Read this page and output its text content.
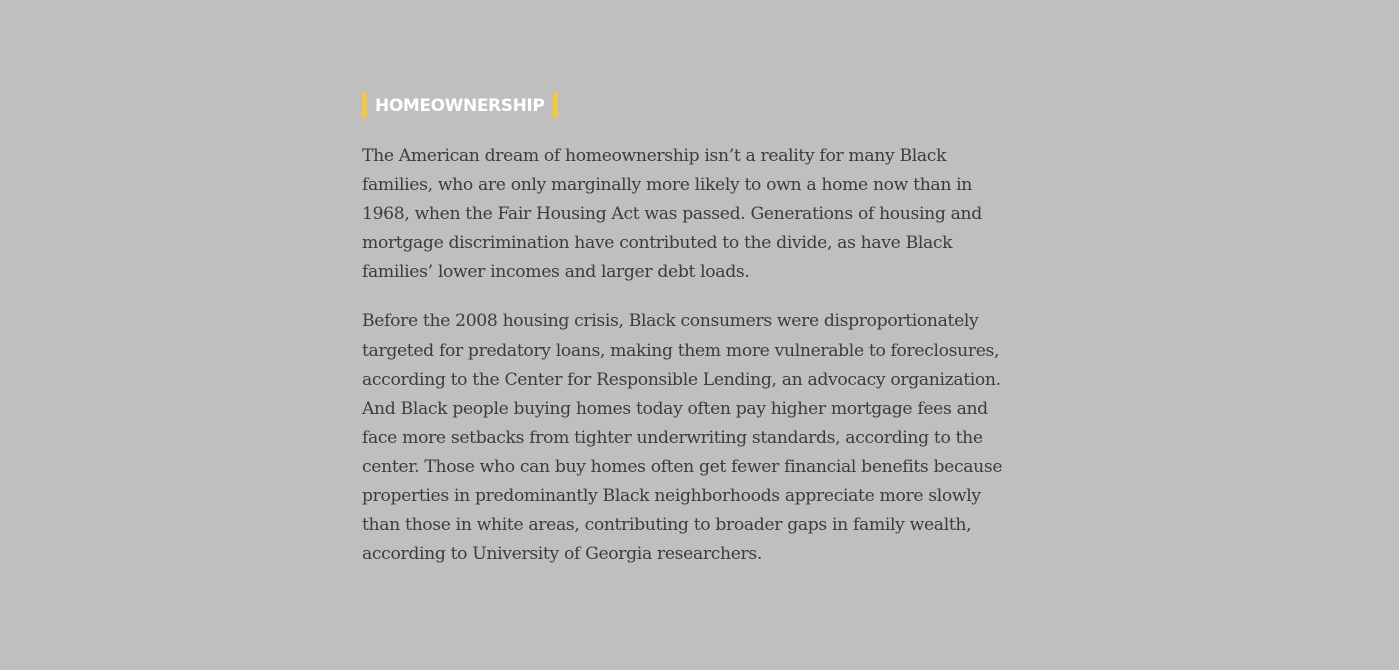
HOMEOWNERSHIP

The American dream of homeownership isn’t a reality for many Black
families, who are only marginally more likely to own a home now than in
1968, when the Fair Housing Act was passed. Generations of housing and
mortgage discrimination have contributed to the divide, as have Black
families’ lower incomes and larger debt loads.

Before the 2008 housing crisis, Black consumers were disproportionately
targeted for predatory loans, making them more vulnerable to foreclosures,
according to the Center for Responsible Lending, an advocacy organization.
And Black people buying homes today often pay higher mortgage fees and
face more setbacks from tighter underwriting standards, according to the
center. Those who can buy homes often get fewer financial benefits because
properties in predominantly Black neighborhoods appreciate more slowly
than those in white areas, contributing to broader gaps in family wealth,
according to University of Georgia researchers.
